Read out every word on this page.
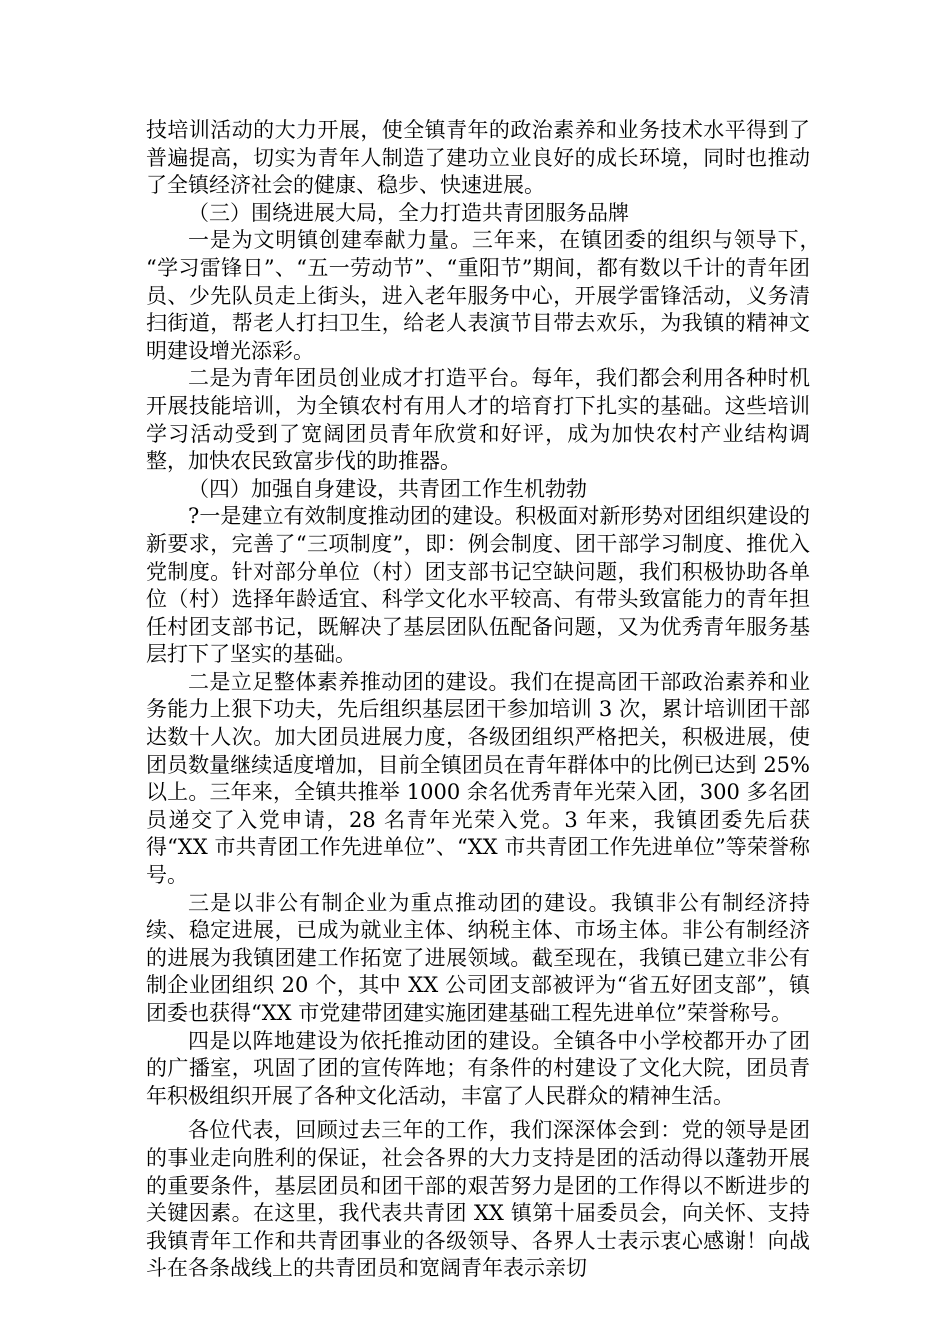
技培训活动的大力开展，使全镇青年的政治素养和业务技术水平得到了普遍提高，切实为青年人制造了建功立业良好的成长环境，同时也推动了全镇经济社会的健康、稳步、快速进展。

（三）围绕进展大局，全力打造共青团服务品牌

一是为文明镇创建奉献力量。三年来，在镇团委的组织与领导下，　“学习雷锋日”、“五一劳动节”、“重阳节”期间，都有数以千计的青年团员、少先队员走上街头，进入老年服务中心，开展学雷锋活动，义务清扫街道，帮老人打扫卫生，给老人表演节目带去欢乐，为我镇的精神文明建设增光添彩。

二是为青年团员创业成才打造平台。每年，我们都会利用各种时机开展技能培训，为全镇农村有用人才的培育打下扎实的基础。这些培训学习活动受到了宽阔团员青年欣赏和好评，成为加快农村产业结构调整，加快农民致富步伐的助推器。

（四）加强自身建设，共青团工作生机勃勃

?一是建立有效制度推动团的建设。积极面对新形势对团组织建设的新要求，完善了“三项制度”，即：例会制度、团干部学习制度、推优入党制度。针对部分单位（村）团支部书记空缺问题，我们积极协助各单位（村）选择年龄适宜、科学文化水平较高、有带头致富能力的青年担任村团支部书记，既解决了基层团队伍配备问题，又为优秀青年服务基层打下了坚实的基础。

二是立足整体素养推动团的建设。我们在提高团干部政治素养和业务能力上狠下功夫，先后组织基层团干参加培训 3 次，累计培训团干部达数十人次。加大团员进展力度，各级团组织严格把关，积极进展，使团员数量继续适度增加，目前全镇团员在青年群体中的比例已达到 25%以上。三年来，全镇共推举 1000 余名优秀青年光荣入团，300 多名团员递交了入党申请，28 名青年光荣入党。3 年来，我镇团委先后获得“XX 市共青团工作先进单位”、“XX 市共青团工作先进单位”等荣誉称号。

三是以非公有制企业为重点推动团的建设。我镇非公有制经济持续、稳定进展，已成为就业主体、纳税主体、市场主体。非公有制经济的进展为我镇团建工作拓宽了进展领域。截至现在，我镇已建立非公有制企业团组织 20 个，其中 XX 公司团支部被评为“省五好团支部”，镇团委也获得“XX 市党建带团建实施团建基础工程先进单位”荣誉称号。

四是以阵地建设为依托推动团的建设。全镇各中小学校都开办了团的广播室，巩固了团的宣传阵地；有条件的村建设了文化大院，团员青年积极组织开展了各种文化活动，丰富了人民群众的精神生活。

各位代表，回顾过去三年的工作，我们深深体会到：党的领导是团的事业走向胜利的保证，社会各界的大力支持是团的活动得以蓬勃开展的重要条件，基层团员和团干部的艰苦努力是团的工作得以不断进步的关键因素。在这里，我代表共青团 XX 镇第十届委员会，向关怀、支持我镇青年工作和共青团事业的各级领导、各界人士表示衷心感谢！向战斗在各条战线上的共青团员和宽阔青年表示亲切
